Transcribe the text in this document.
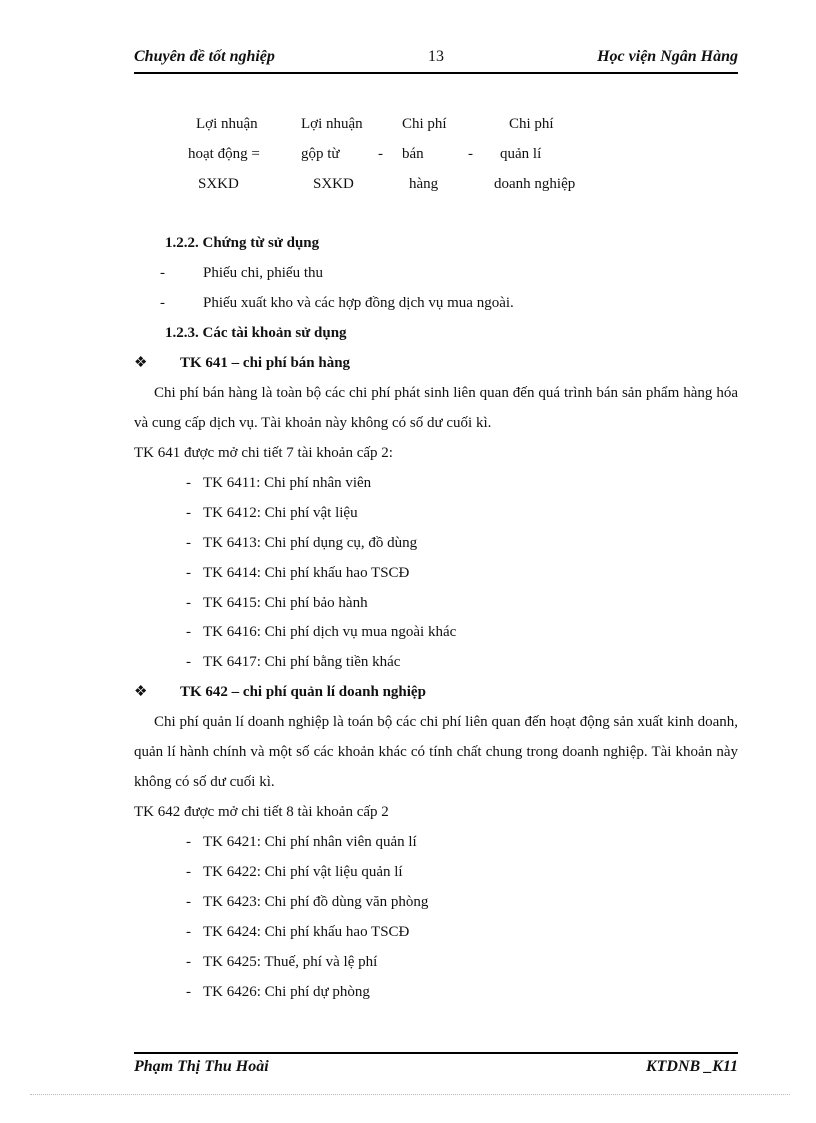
Chuyên đề tốt nghiệp	13	Học viện Ngân Hàng
Lợi nhuận
hoạt động =
SXKD
Lợi nhuận
gộp từ
SXKD
-
Chi phí
bán
hàng
-
Chi phí
quản lí
doanh nghiệp
1.2.2. Chứng từ sử dụng
-	Phiếu chi, phiếu thu
-	Phiếu xuất kho và các hợp đồng dịch vụ mua ngoài.
1.2.3. Các tài khoản sử dụng
❖ TK 641 – chi phí bán hàng
Chi phí bán hàng là toàn bộ các chi phí phát sinh liên quan đến quá trình bán sản phẩm hàng hóa và cung cấp dịch vụ. Tài khoản này không có số dư cuối kì.
TK 641 được mở chi tiết 7 tài khoản cấp 2:
- TK 6411: Chi phí nhân viên
- TK 6412: Chi phí vật liệu
- TK 6413: Chi phí dụng cụ, đồ dùng
- TK 6414: Chi phí khấu hao TSCĐ
- TK 6415: Chi phí bảo hành
- TK 6416: Chi phí dịch vụ mua ngoài khác
- TK 6417: Chi phí bằng tiền khác
❖ TK 642 – chi phí quản lí doanh nghiệp
Chi phí quản lí doanh nghiệp là toán bộ các chi phí liên quan đến hoạt động sản xuất kinh doanh, quản lí hành chính và một số các khoản khác có tính chất chung trong doanh nghiệp. Tài khoản này không có số dư cuối kì.
TK 642 được mở chi tiết 8 tài khoản cấp 2
- TK 6421: Chi phí nhân viên quản lí
- TK 6422: Chi phí vật liệu quản lí
- TK 6423: Chi phí đồ dùng văn phòng
- TK 6424: Chi phí khấu hao TSCĐ
- TK 6425: Thuế, phí và lệ phí
- TK 6426: Chi phí dự phòng
Phạm Thị Thu Hoài	KTDNB _K11
